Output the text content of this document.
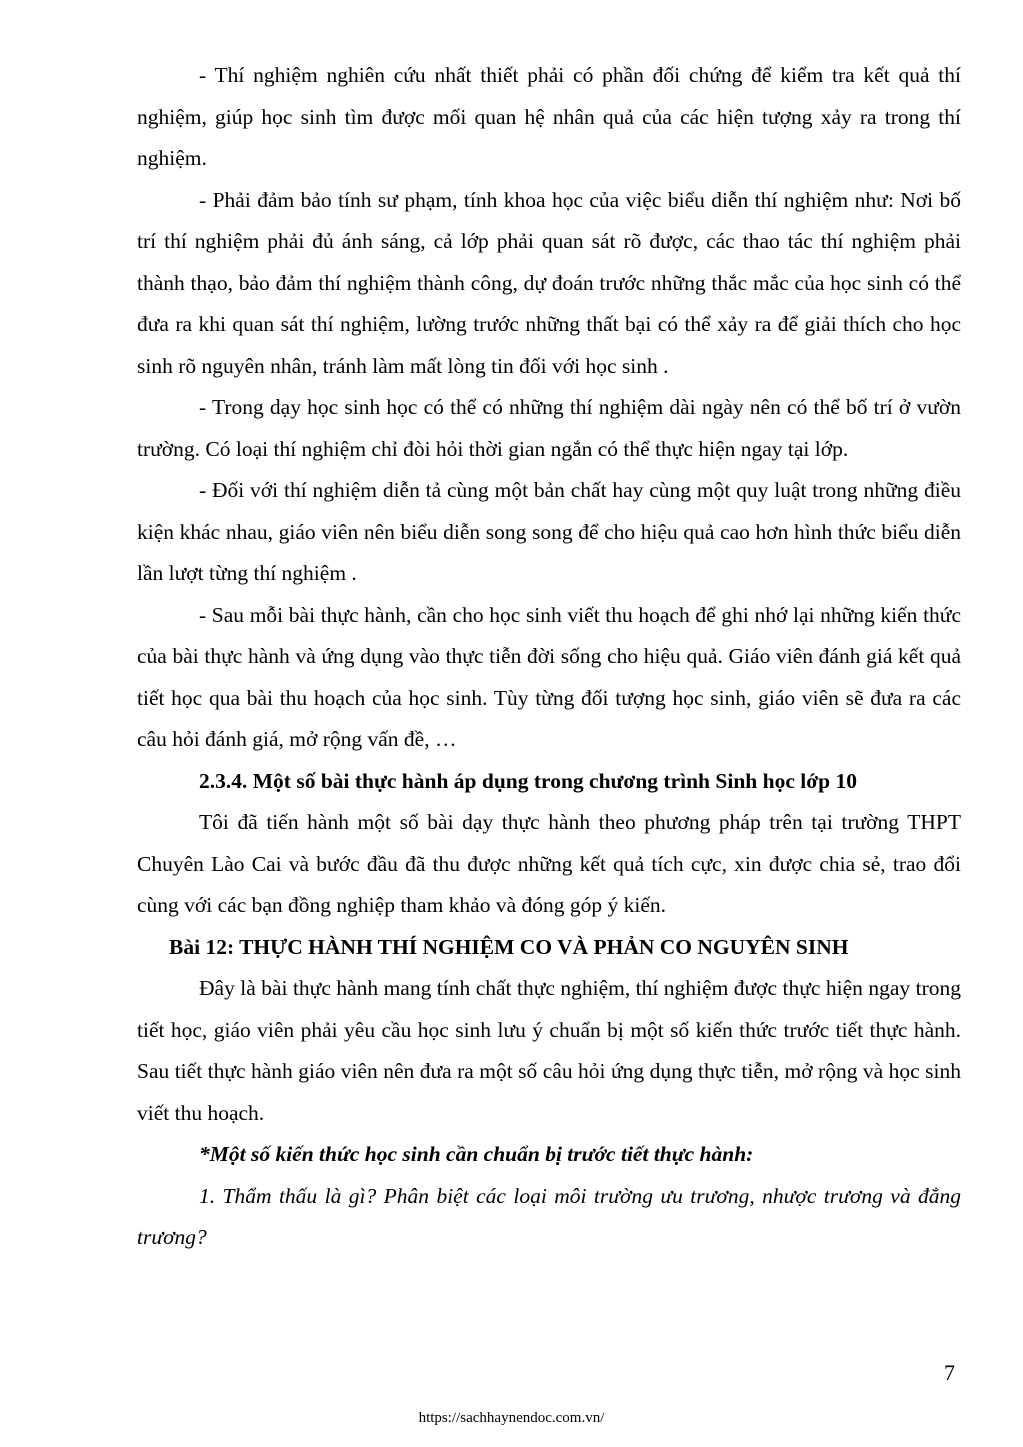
- Thí nghiệm nghiên cứu nhất thiết phải có phần đối chứng để kiểm tra kết quả thí nghiệm, giúp học sinh tìm được mối quan hệ nhân quả của các hiện tượng xảy ra trong thí nghiệm.

- Phải đảm bảo tính sư phạm, tính khoa học của việc biểu diễn thí nghiệm như: Nơi bố trí thí nghiệm phải đủ ánh sáng, cả lớp phải quan sát rõ được, các thao tác thí nghiệm phải thành thạo, bảo đảm thí nghiệm thành công, dự đoán trước những thắc mắc của học sinh có thể đưa ra khi quan sát thí nghiệm, lường trước những thất bại có thể xảy ra để giải thích cho học sinh rõ nguyên nhân, tránh làm mất lòng tin đối với học sinh .

- Trong dạy học sinh học có thể có những thí nghiệm dài ngày nên có thể bố trí ở vườn trường. Có loại thí nghiệm chỉ đòi hỏi thời gian ngắn có thể thực hiện ngay tại lớp.

- Đối với thí nghiệm diễn tả cùng một bản chất hay cùng một quy luật trong những điều kiện khác nhau, giáo viên nên biểu diễn song song để cho hiệu quả cao hơn hình thức biểu diễn lần lượt từng thí nghiệm .

- Sau mỗi bài thực hành, cần cho học sinh viết thu hoạch để ghi nhớ lại những kiến thức của bài thực hành và ứng dụng vào thực tiễn đời sống cho hiệu quả. Giáo viên đánh giá kết quả tiết học qua bài thu hoạch của học sinh. Tùy từng đối tượng học sinh, giáo viên sẽ đưa ra các câu hỏi đánh giá, mở rộng vấn đề, …

2.3.4. Một số bài thực hành áp dụng trong chương trình Sinh học lớp 10

Tôi đã tiến hành một số bài dạy thực hành theo phương pháp trên tại trường THPT Chuyên Lào Cai và bước đầu đã thu được những kết quả tích cực, xin được chia sẻ, trao đổi cùng với các bạn đồng nghiệp tham khảo và đóng góp ý kiến.

Bài 12: THỰC HÀNH THÍ NGHIỆM CO VÀ PHẢN CO NGUYÊN SINH

Đây là bài thực hành mang tính chất thực nghiệm, thí nghiệm được thực hiện ngay trong tiết học, giáo viên phải yêu cầu học sinh lưu ý chuẩn bị một số kiến thức trước tiết thực hành. Sau tiết thực hành giáo viên nên đưa ra một số câu hỏi ứng dụng thực tiễn, mở rộng và học sinh viết thu hoạch.

*Một số kiến thức học sinh cần chuẩn bị trước tiết thực hành:

1. Thẩm thấu là gì? Phân biệt các loại môi trường ưu trương, nhược trương và đẳng trương?

7
https://sachhaynendoc.com.vn/
